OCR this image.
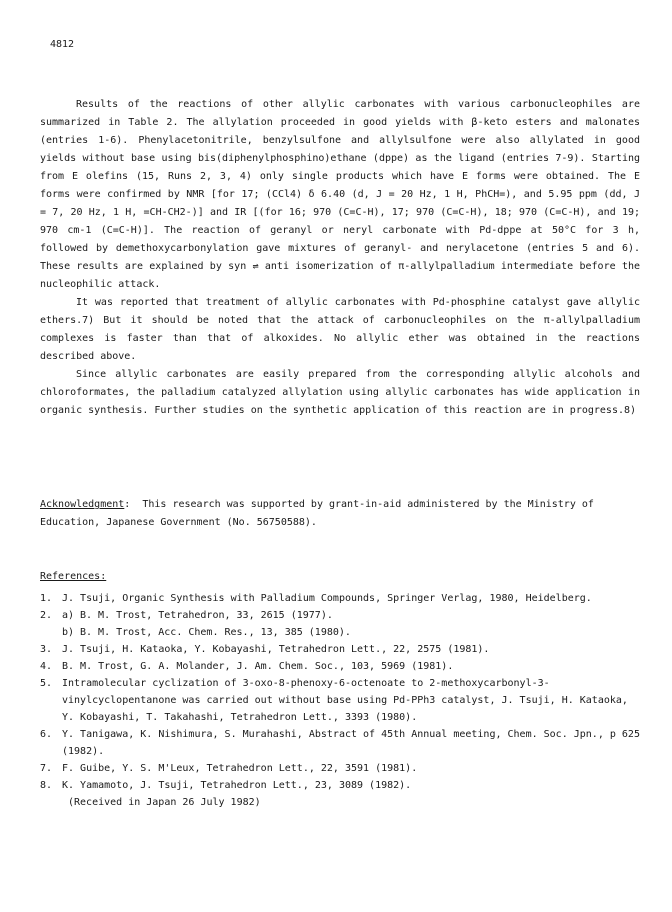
4812

Results of the reactions of other allylic carbonates with various carbonucleophiles are summarized in Table 2. The allylation proceeded in good yields with β-keto esters and malonates (entries 1-6). Phenylacetonitrile, benzylsulfone and allylsulfone were also allylated in good yields without base using bis(diphenylphosphino)ethane (dppe) as the ligand (entries 7-9). Starting from E olefins (15, Runs 2, 3, 4) only single products which have E forms were obtained. The E forms were confirmed by NMR [for 17; (CCl4) δ 6.40 (d, J = 20 Hz, 1 H, PhCH=), and 5.95 ppm (dd, J = 7, 20 Hz, 1 H, =CH-CH2-)] and IR [(for 16; 970 (C=C-H), 17; 970 (C=C-H), 18; 970 (C=C-H), and 19; 970 cm-1 (C=C-H)]. The reaction of geranyl or neryl carbonate with Pd-dppe at 50°C for 3 h, followed by demethoxycarbonylation gave mixtures of geranyl- and nerylacetone (entries 5 and 6). These results are explained by syn ⇌ anti isomerization of π-allylpalladium intermediate before the nucleophilic attack.

It was reported that treatment of allylic carbonates with Pd-phosphine catalyst gave allylic ethers.7) But it should be noted that the attack of carbonucleophiles on the π-allylpalladium complexes is faster than that of alkoxides. No allylic ether was obtained in the reactions described above.

Since allylic carbonates are easily prepared from the corresponding allylic alcohols and chloroformates, the palladium catalyzed allylation using allylic carbonates has wide application in organic synthesis. Further studies on the synthetic application of this reaction are in progress.8)

Acknowledgment:  This research was supported by grant-in-aid administered by the Ministry of Education, Japanese Government (No. 56750588).

References:
1. J. Tsuji, Organic Synthesis with Palladium Compounds, Springer Verlag, 1980, Heidelberg.
2. a) B. M. Trost, Tetrahedron, 33, 2615 (1977).
b) B. M. Trost, Acc. Chem. Res., 13, 385 (1980).
3. J. Tsuji, H. Kataoka, Y. Kobayashi, Tetrahedron Lett., 22, 2575 (1981).
4. B. M. Trost, G. A. Molander, J. Am. Chem. Soc., 103, 5969 (1981).
5. Intramolecular cyclization of 3-oxo-8-phenoxy-6-octenoate to 2-methoxycarbonyl-3-vinylcyclopentanone was carried out without base using Pd-PPh3 catalyst, J. Tsuji, H. Kataoka, Y. Kobayashi, T. Takahashi, Tetrahedron Lett., 3393 (1980).
6. Y. Tanigawa, K. Nishimura, S. Murahashi, Abstract of 45th Annual meeting, Chem. Soc. Jpn., p 625 (1982).
7. F. Guibe, Y. S. M'Leux, Tetrahedron Lett., 22, 3591 (1981).
8. K. Yamamoto, J. Tsuji, Tetrahedron Lett., 23, 3089 (1982).
(Received in Japan 26 July 1982)
